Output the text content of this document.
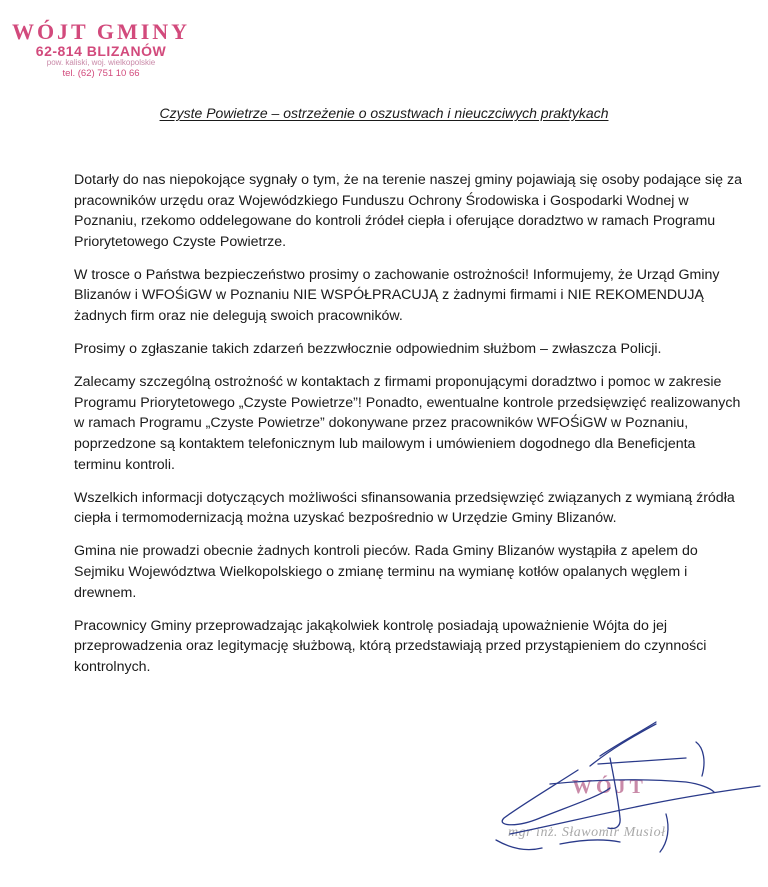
WÓJT GMINY
62-814 BLIZANÓW
pow. kaliski, woj. wielkopolskie
tel. (62) 751 10 66
Czyste Powietrze – ostrzeżenie o oszustwach i nieuczciwych praktykach

Dotarły do nas niepokojące sygnały o tym, że na terenie naszej gminy pojawiają się osoby podające się za pracowników urzędu oraz Wojewódzkiego Funduszu Ochrony Środowiska i Gospodarki Wodnej w Poznaniu, rzekomo oddelegowane do kontroli źródeł ciepła i oferujące doradztwo w ramach Programu Priorytetowego Czyste Powietrze.

W trosce o Państwa bezpieczeństwo prosimy o zachowanie ostrożności! Informujemy, że Urząd Gminy Blizanów i WFOŚiGW w Poznaniu NIE WSPÓŁPRACUJĄ z żadnymi firmami i NIE REKOMENDUJĄ żadnych firm oraz nie delegują swoich pracowników.

Prosimy o zgłaszanie takich zdarzeń bezzwłocznie odpowiednim służbom – zwłaszcza Policji.

Zalecamy szczególną ostrożność w kontaktach z firmami proponującymi doradztwo i pomoc w zakresie Programu Priorytetowego „Czyste Powietrze”! Ponadto, ewentualne kontrole przedsięwzięć realizowanych w ramach Programu „Czyste Powietrze” dokonywane przez pracowników WFOŚiGW w Poznaniu, poprzedzone są kontaktem telefonicznym lub mailowym i umówieniem dogodnego dla Beneficjenta terminu kontroli.

Wszelkich informacji dotyczących możliwości sfinansowania przedsięwzięć związanych z wymianą źródła ciepła i termomodernizacją można uzyskać bezpośrednio w Urzędzie Gminy Blizanów.

Gmina nie prowadzi obecnie żadnych kontroli pieców. Rada Gminy Blizanów wystąpiła z apelem do Sejmiku Województwa Wielkopolskiego o zmianę terminu na wymianę kotłów opalanych węglem i drewnem.

Pracownicy Gminy przeprowadzając jakąkolwiek kontrolę posiadają upoważnienie Wójta do jej przeprowadzenia oraz legitymację służbową, którą przedstawiają przed przystąpieniem do czynności kontrolnych.

WÓJT
mgr inż. Sławomir Musioł
